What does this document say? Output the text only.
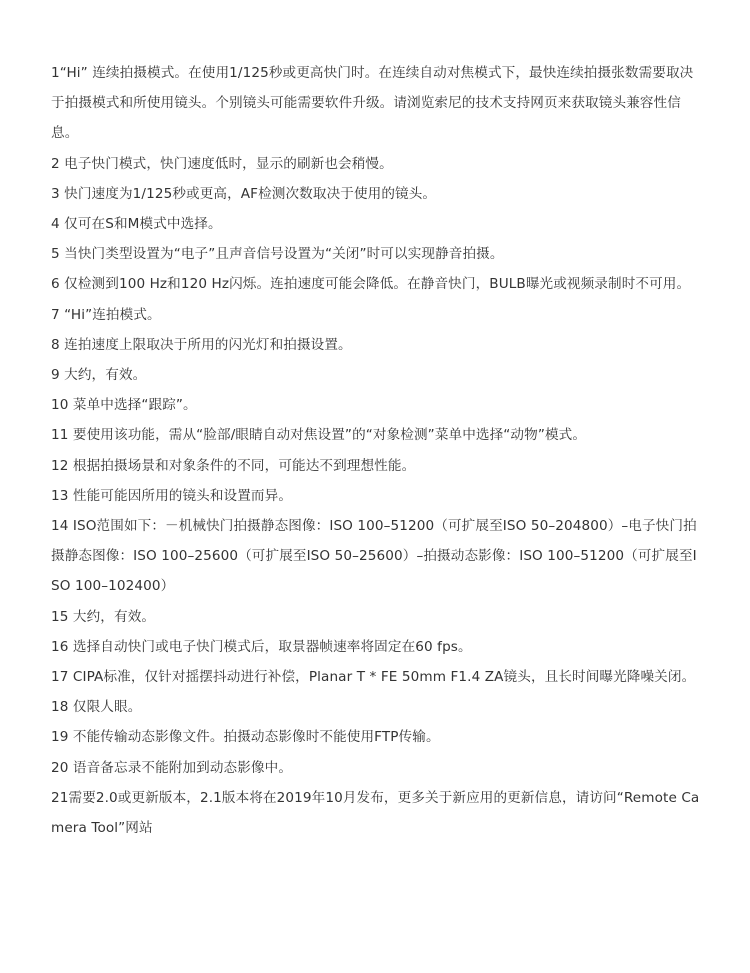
1“Hi” 连续拍摄模式。在使用1/125秒或更高快门时。在连续自动对焦模式下，最快连续拍摄张数需要取决于拍摄模式和所使用镜头。个别镜头可能需要软件升级。请浏览索尼的技术支持网页来获取镜头兼容性信息。
2 电子快门模式，快门速度低时，显示的刷新也会稍慢。
3 快门速度为1/125秒或更高，AF检测次数取决于使用的镜头。
4 仅可在S和M模式中选择。
5 当快门类型设置为“电子”且声音信号设置为“关闭”时可以实现静音拍摄。
6 仅检测到100 Hz和120 Hz闪烁。连拍速度可能会降低。在静音快门，BULB曝光或视频录制时不可用。
7 “Hi”连拍模式。
8 连拍速度上限取决于所用的闪光灯和拍摄设置。
9 大约，有效。
10 菜单中选择“跟踪”。
11 要使用该功能，需从“脸部/眼睛自动对焦设置”的“对象检测”菜单中选择“动物”模式。
12 根据拍摄场景和对象条件的不同，可能达不到理想性能。
13 性能可能因所用的镜头和设置而异。
14 ISO范围如下：－机械快门拍摄静态图像：ISO 100–51200（可扩展至ISO 50–204800）–电子快门拍摄静态图像：ISO 100–25600（可扩展至ISO 50–25600）–拍摄动态影像：ISO 100–51200（可扩展至ISO 100–102400）
15 大约，有效。
16 选择自动快门或电子快门模式后，取景器帧速率将固定在60 fps。
17 CIPA标准，仅针对摇摆抖动进行补偿，Planar T * FE 50mm F1.4 ZA镜头，且长时间曝光降噪关闭。
18 仅限人眼。
19 不能传输动态影像文件。拍摄动态影像时不能使用FTP传输。
20 语音备忘录不能附加到动态影像中。
21需要2.0或更新版本，2.1版本将在2019年10月发布，更多关于新应用的更新信息，请访问“Remote Camera Tool”网站
